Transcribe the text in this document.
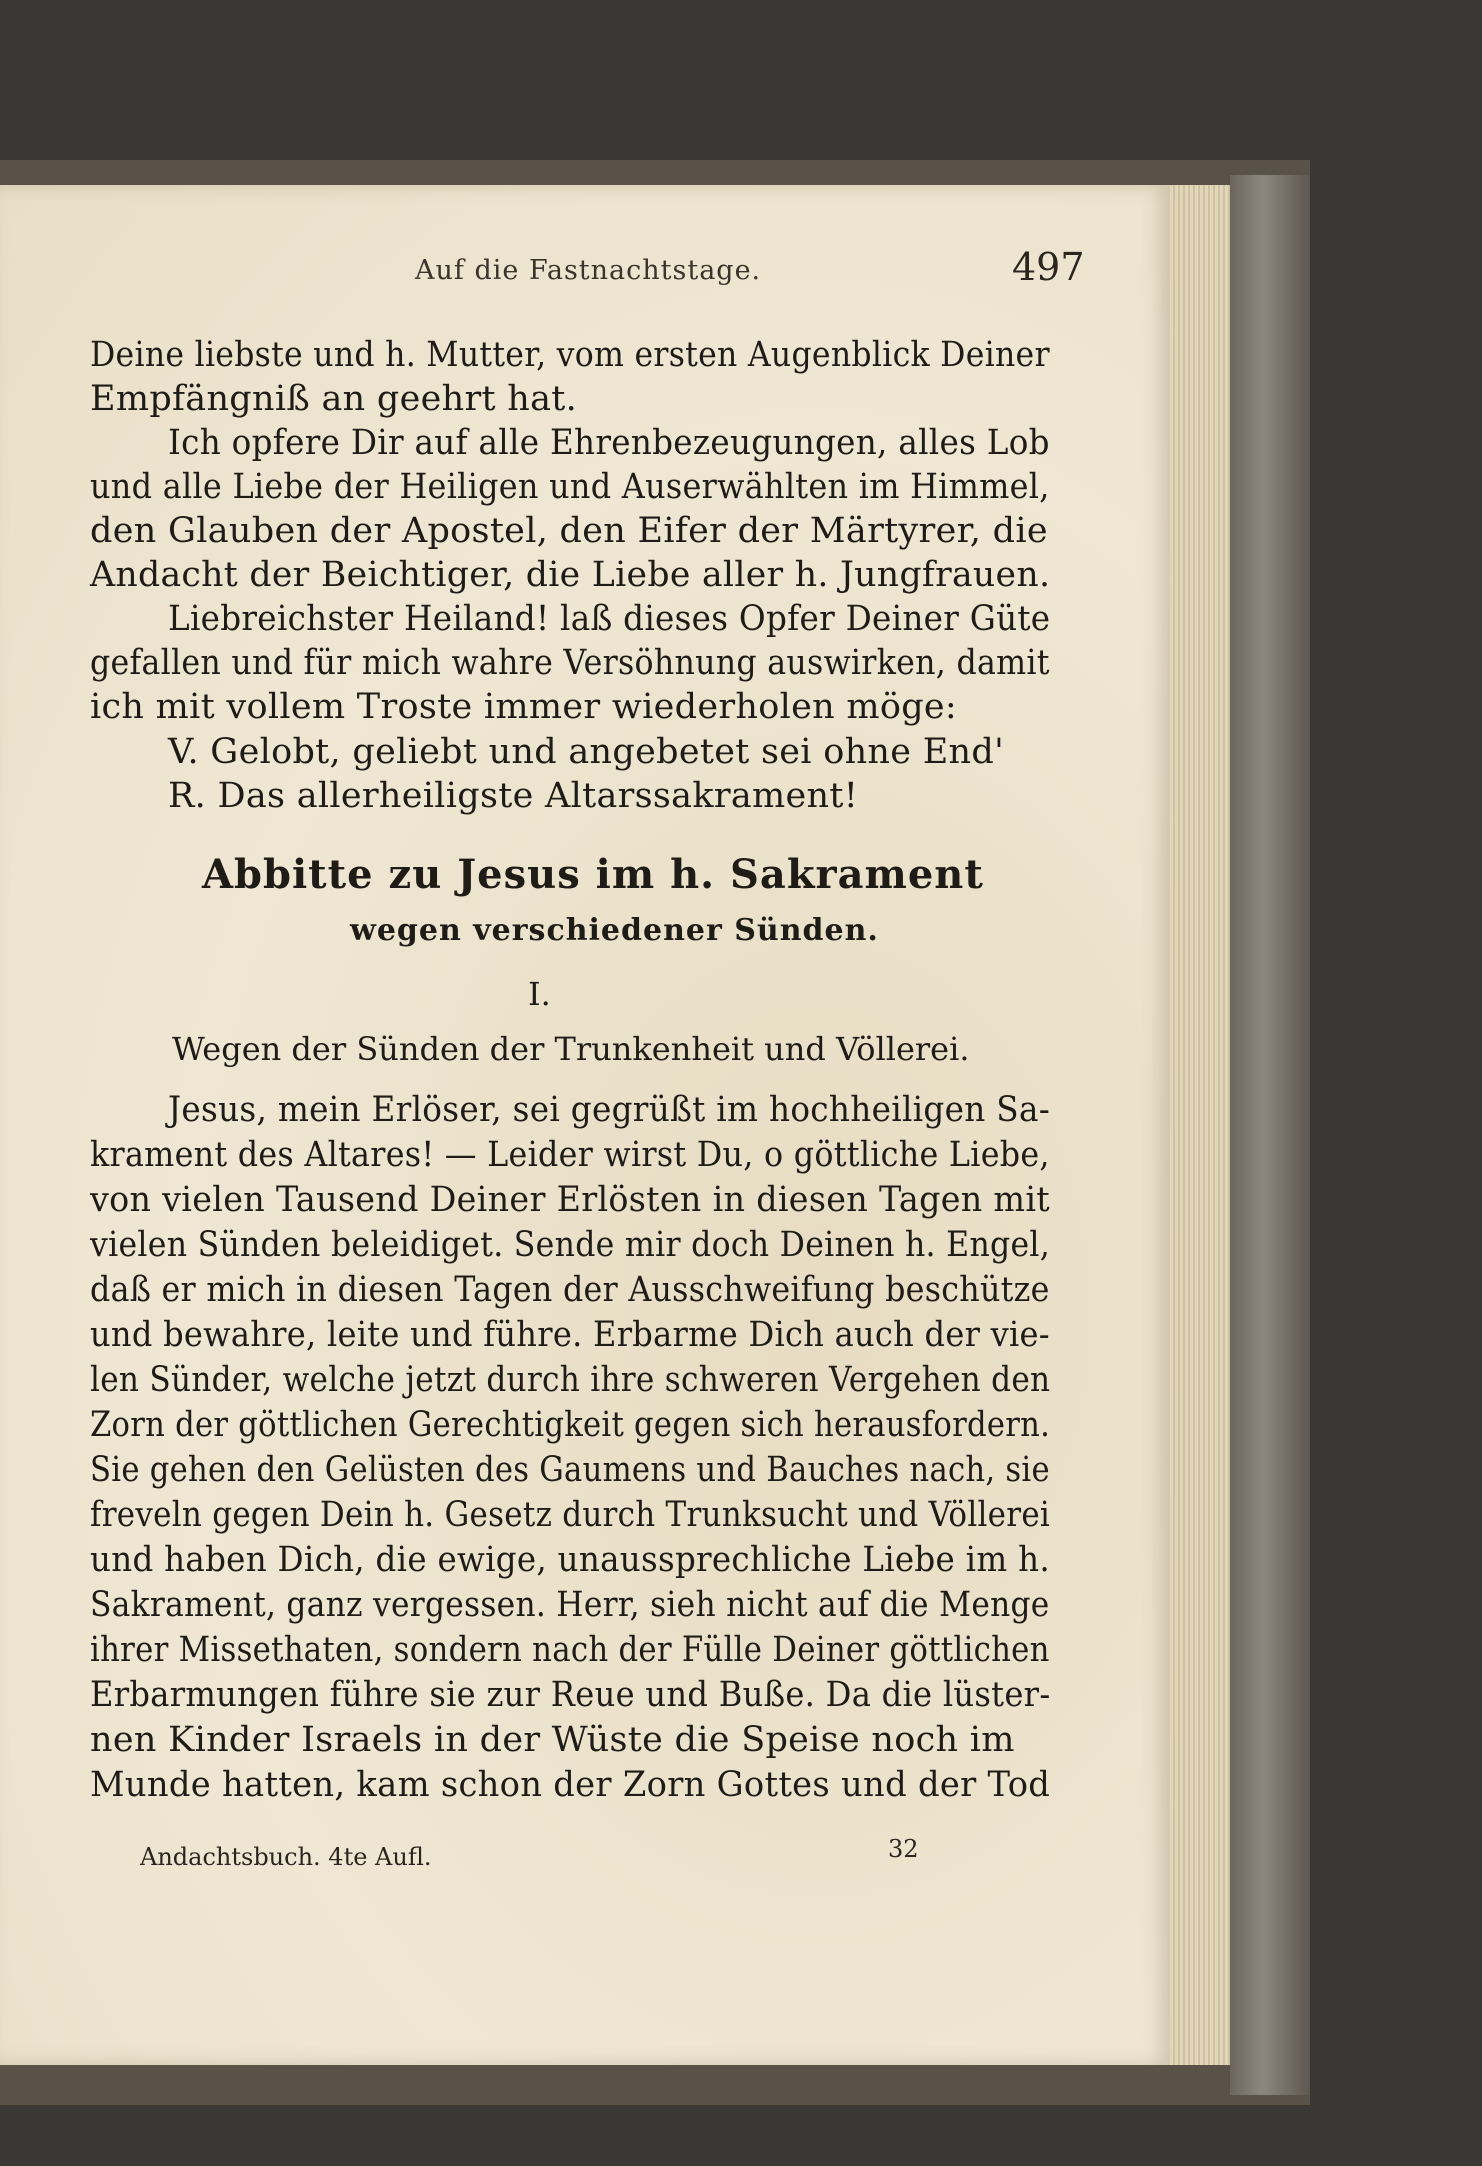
Auf die Fastnachtstage.	497
Deine liebste und h. Mutter, vom ersten Augenblick Deiner
Empfängniß an geehrt hat.
Ich opfere Dir auf alle Ehrenbezeugungen, alles Lob
und alle Liebe der Heiligen und Auserwählten im Himmel,
den Glauben der Apostel, den Eifer der Märtyrer, die
Andacht der Beichtiger, die Liebe aller h. Jungfrauen.
Liebreichster Heiland! laß dieses Opfer Deiner Güte
gefallen und für mich wahre Versöhnung auswirken, damit
ich mit vollem Troste immer wiederholen möge:
V. Gelobt, geliebt und angebetet sei ohne End'
R. Das allerheiligste Altarssakrament!
Abbitte zu Jesus im h. Sakrament
wegen verschiedener Sünden.
I.
Wegen der Sünden der Trunkenheit und Völlerei.
Jesus, mein Erlöser, sei gegrüßt im hochheiligen Sa-
krament des Altares! — Leider wirst Du, o göttliche Liebe,
von vielen Tausend Deiner Erlösten in diesen Tagen mit
vielen Sünden beleidiget. Sende mir doch Deinen h. Engel,
daß er mich in diesen Tagen der Ausschweifung beschütze
und bewahre, leite und führe. Erbarme Dich auch der vie-
len Sünder, welche jetzt durch ihre schweren Vergehen den
Zorn der göttlichen Gerechtigkeit gegen sich herausfordern.
Sie gehen den Gelüsten des Gaumens und Bauches nach, sie
freveln gegen Dein h. Gesetz durch Trunksucht und Völlerei
und haben Dich, die ewige, unaussprechliche Liebe im h.
Sakrament, ganz vergessen. Herr, sieh nicht auf die Menge
ihrer Missethaten, sondern nach der Fülle Deiner göttlichen
Erbarmungen führe sie zur Reue und Buße. Da die lüster-
nen Kinder Israels in der Wüste die Speise noch im
Munde hatten, kam schon der Zorn Gottes und der Tod
Andachtsbuch. 4te Aufl.	32
